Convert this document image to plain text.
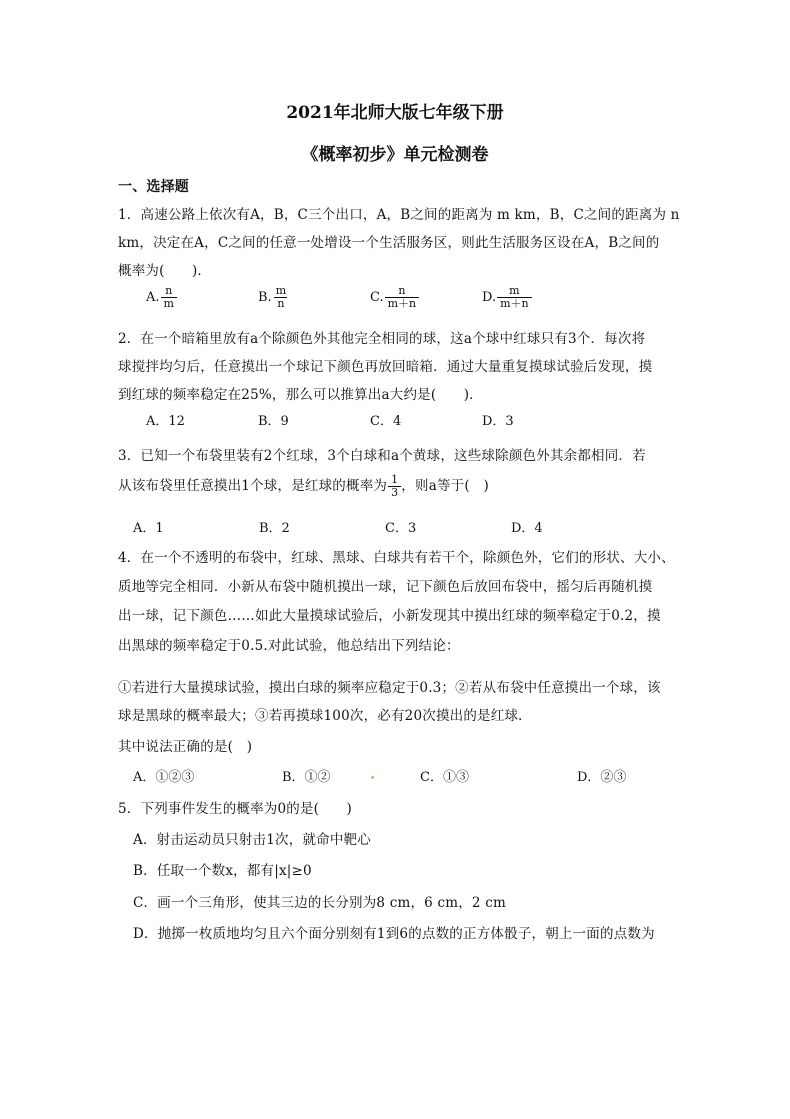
2021年北师大版七年级下册
《概率初步》单元检测卷
一、选择题
1．高速公路上依次有A，B，C三个出口，A，B之间的距离为 m km，B，C之间的距离为 n
km，决定在A，C之间的任意一处增设一个生活服务区，则此生活服务区设在A，B之间的
概率为(　　)．
A. $\frac{n}{m}$	B. $\frac{m}{n}$	C. $\frac{n}{m+n}$	D. $\frac{m}{m+n}$
2．在一个暗箱里放有a个除颜色外其他完全相同的球，这a个球中红球只有3个．每次将
球搅拌均匀后，任意摸出一个球记下颜色再放回暗箱．通过大量重复摸球试验后发现，摸
到红球的频率稳定在25%，那么可以推算出a大约是(　　)．
A．12	B．9	C．4	D．3
3．已知一个布袋里装有2个红球，3个白球和a个黄球，这些球除颜色外其余都相同．若
从该布袋里任意摸出1个球，是红球的概率为 $\frac{1}{3}$ ，则a等于(　)
A．1	B．2	C．3	D．4
4．在一个不透明的布袋中，红球、黑球、白球共有若干个，除颜色外，它们的形状、大小、
质地等完全相同．小新从布袋中随机摸出一球，记下颜色后放回布袋中，摇匀后再随机摸
出一球，记下颜色……如此大量摸球试验后，小新发现其中摸出红球的频率稳定于0.2，摸
出黑球的频率稳定于0.5.对此试验，他总结出下列结论：
①若进行大量摸球试验，摸出白球的频率应稳定于0.3；②若从布袋中任意摸出一个球，该
球是黑球的概率最大；③若再摸球100次，必有20次摸出的是红球．
其中说法正确的是(　)
A．①②③	B．①②	C．①③	D．②③
5．下列事件发生的概率为0的是(　　)
A．射击运动员只射击1次，就命中靶心
B．任取一个数x，都有|x|≥0
C．画一个三角形，使其三边的长分别为8 cm，6 cm，2 cm
D．抛掷一枚质地均匀且六个面分别刻有1到6的点数的正方体骰子，朝上一面的点数为
